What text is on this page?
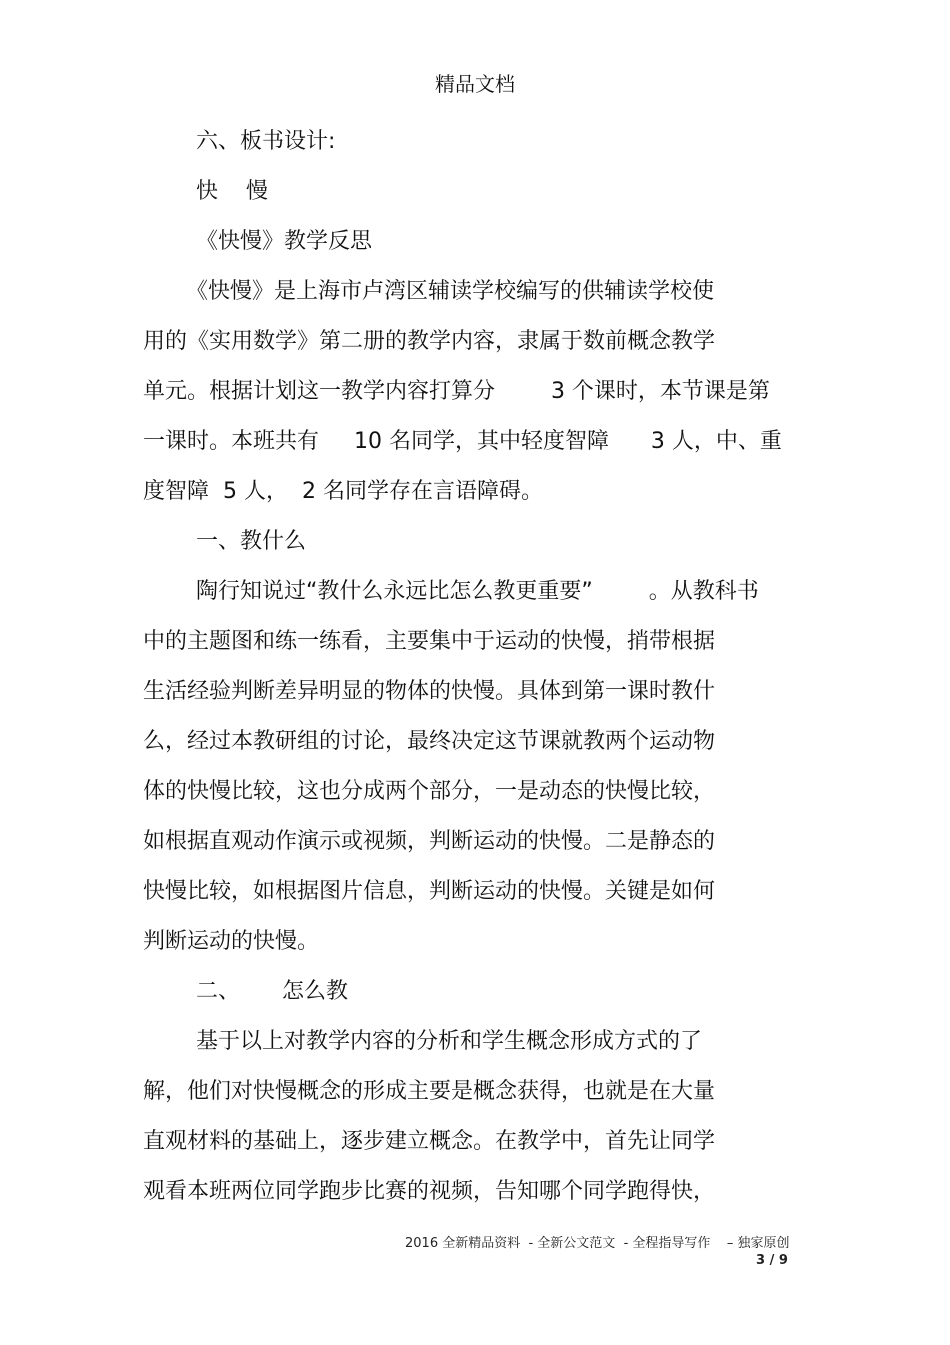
精品文档
六、板书设计:
快    慢
《快慢》教学反思
《快慢》是上海市卢湾区辅读学校编写的供辅读学校使
用的《实用数学》第二册的教学内容，隶属于数前概念教学
单元。根据计划这一教学内容打算分        3 个课时，本节课是第
一课时。本班共有     10 名同学，其中轻度智障      3 人，中、重
度智障  5 人，  2 名同学存在言语障碍。
一、教什么
陶行知说过“教什么永远比怎么教更重要”        。从教科书
中的主题图和练一练看，主要集中于运动的快慢，捎带根据
生活经验判断差异明显的物体的快慢。具体到第一课时教什
么，经过本教研组的讨论，最终决定这节课就教两个运动物
体的快慢比较，这也分成两个部分，一是动态的快慢比较，
如根据直观动作演示或视频，判断运动的快慢。二是静态的
快慢比较，如根据图片信息，判断运动的快慢。关键是如何
判断运动的快慢。
二、      怎么教
基于以上对教学内容的分析和学生概念形成方式的了
解，他们对快慢概念的形成主要是概念获得，也就是在大量
直观材料的基础上，逐步建立概念。在教学中，首先让同学
观看本班两位同学跑步比赛的视频，告知哪个同学跑得快，
2016 全新精品资料  - 全新公文范文  - 全程指导写作    – 独家原创
3 / 9
